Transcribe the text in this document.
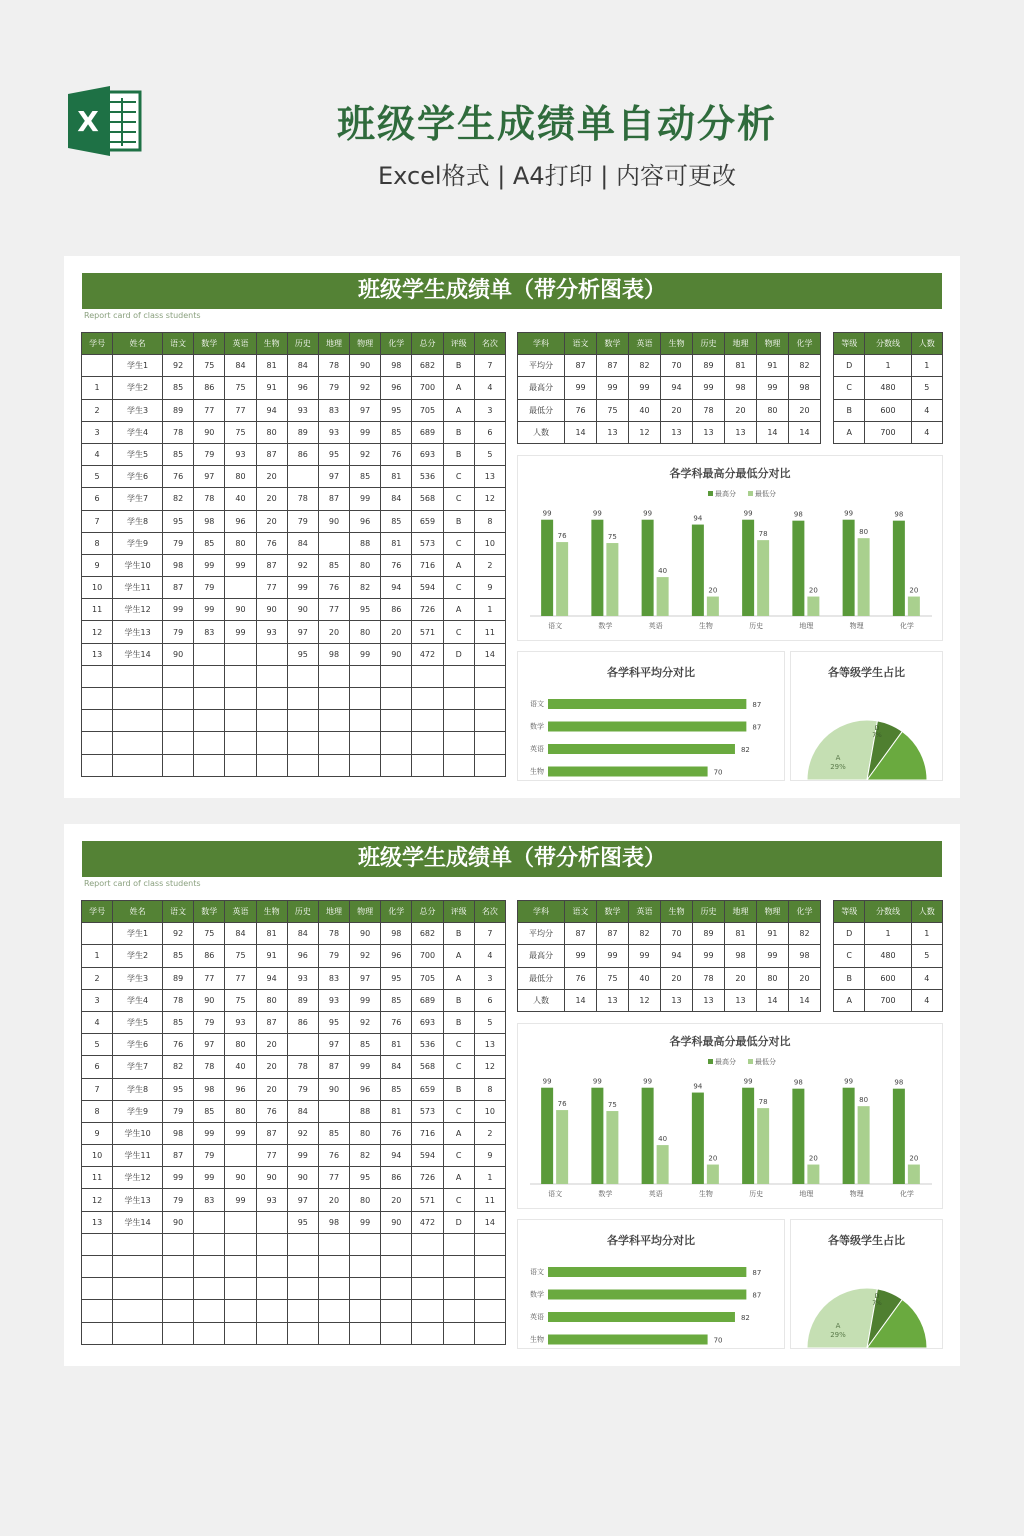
X	班级学生成绩单自动分析
Excel格式 | A4打印 | 内容可更改
班级学生成绩单（带分析图表）
Report card of class students
学号	姓名	语文	数学	英语	生物	历史	地理	物理	化学	总分	评级	名次
	学生1	92	75	84	81	84	78	90	98	682	B	7
1	学生2	85	86	75	91	96	79	92	96	700	A	4
2	学生3	89	77	77	94	93	83	97	95	705	A	3
3	学生4	78	90	75	80	89	93	99	85	689	B	6
4	学生5	85	79	93	87	86	95	92	76	693	B	5
5	学生6	76	97	80	20		97	85	81	536	C	13
6	学生7	82	78	40	20	78	87	99	84	568	C	12
7	学生8	95	98	96	20	79	90	96	85	659	B	8
8	学生9	79	85	80	76	84		88	81	573	C	10
9	学生10	98	99	99	87	92	85	80	76	716	A	2
10	学生11	87	79		77	99	76	82	94	594	C	9
11	学生12	99	99	90	90	90	77	95	86	726	A	1
12	学生13	79	83	99	93	97	20	80	20	571	C	11
13	学生14	90				95	98	99	90	472	D	14

学科	语文	数学	英语	生物	历史	地理	物理	化学
平均分	87	87	82	70	89	81	91	82
最高分	99	99	99	94	99	98	99	98
最低分	76	75	40	20	78	20	80	20
人数	14	13	12	13	13	13	14	14
等级	分数线	人数
D	1	1
C	480	5
B	600	4
A	700	4
各学科最高分最低分对比
最高分	最低分
99
76
语文
99
75
数学
99
40
英语
94
20
生物
99
78
历史
98
20
地理
99
80
物理
98
20
化学
各学科平均分对比
语文	87
数学	87
英语	82
生物	70
各等级学生占比
A
29%
D
7%
班级学生成绩单（带分析图表）
Report card of class students
学号	姓名	语文	数学	英语	生物	历史	地理	物理	化学	总分	评级	名次
	学生1	92	75	84	81	84	78	90	98	682	B	7
1	学生2	85	86	75	91	96	79	92	96	700	A	4
2	学生3	89	77	77	94	93	83	97	95	705	A	3
3	学生4	78	90	75	80	89	93	99	85	689	B	6
4	学生5	85	79	93	87	86	95	92	76	693	B	5
5	学生6	76	97	80	20		97	85	81	536	C	13
6	学生7	82	78	40	20	78	87	99	84	568	C	12
7	学生8	95	98	96	20	79	90	96	85	659	B	8
8	学生9	79	85	80	76	84		88	81	573	C	10
9	学生10	98	99	99	87	92	85	80	76	716	A	2
10	学生11	87	79		77	99	76	82	94	594	C	9
11	学生12	99	99	90	90	90	77	95	86	726	A	1
12	学生13	79	83	99	93	97	20	80	20	571	C	11
13	学生14	90				95	98	99	90	472	D	14

学科	语文	数学	英语	生物	历史	地理	物理	化学
平均分	87	87	82	70	89	81	91	82
最高分	99	99	99	94	99	98	99	98
最低分	76	75	40	20	78	20	80	20
人数	14	13	12	13	13	13	14	14
等级	分数线	人数
D	1	1
C	480	5
B	600	4
A	700	4
各学科最高分最低分对比
最高分	最低分
99
76
语文
99
75
数学
99
40
英语
94
20
生物
99
78
历史
98
20
地理
99
80
物理
98
20
化学
各学科平均分对比
语文	87
数学	87
英语	82
生物	70
各等级学生占比
A
29%
D
7%
